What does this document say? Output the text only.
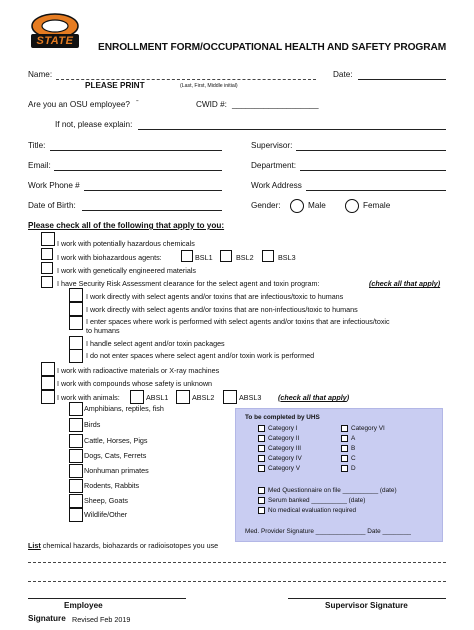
STATE
ENROLLMENT FORM/OCCUPATIONAL HEALTH AND SAFETY PROGRAM
Name:
PLEASE PRINT	(Last, First, Middle initial)
Date:
Are you an OSU employee? ˉ	CWID #: ___________________
If not, please explain:
Title:	Supervisor:
Email:	Department:
Work Phone #	Work Address
Date of Birth:	Gender:	Male	Female
Please check all of the following that apply to you:
I work with potentially hazardous chemicals
I work with biohazardous agents:	BSL1	BSL2	BSL3
I work with genetically engineered materials
I have Security Risk Assessment clearance for the select agent and toxin program:	(check all that apply)
I work directly with select agents and/or toxins that are infectious/toxic to humans
I work directly with select agents and/or toxins that are non-infectious/toxic to humans
I enter spaces where work is performed with select agents and/or toxins that are infectious/toxic
to humans
I handle select agent and/or toxin packages
I do not enter spaces where select agent and/or toxin work is performed
I work with radioactive materials or X-ray machines
I work with compounds whose safety is unknown
I work with animals:	ABSL1	ABSL2	ABSL3 (check all that apply)
Amphibians, reptiles, fish
Birds
Cattle, Horses, Pigs
Dogs, Cats, Ferrets
Nonhuman primates
Rodents, Rabbits
Sheep, Goats
Wildlife/Other
To be completed by UHS
Category I
Category II
Category III
Category IV
Category V
Category VI
A
B
C
D
Med Questionnaire on file __________ (date)
Serum banked __________ (date)
No medical evaluation required
Med. Provider Signature ______________ Date ________
List chemical hazards, biohazards or radioisotopes you use
Employee
Signature Revised Feb 2019
Supervisor Signature
